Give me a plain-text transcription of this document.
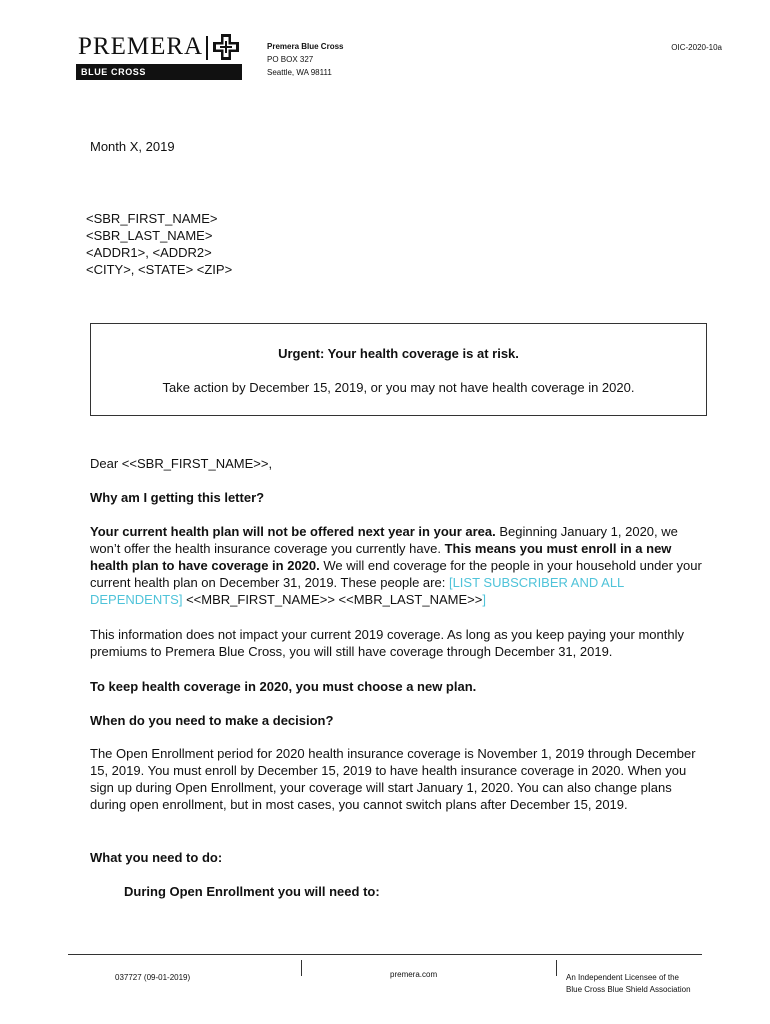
PREMERA
BLUE CROSS
Premera Blue Cross
PO BOX 327
Seattle, WA 98111
OIC-2020-10a
Month X, 2019
<SBR_FIRST_NAME>
<SBR_LAST_NAME>
<ADDR1>, <ADDR2>
<CITY>, <STATE> <ZIP>
Urgent: Your health coverage is at risk.
Take action by December 15, 2019, or you may not have health coverage in 2020.
Dear <<SBR_FIRST_NAME>>,
Why am I getting this letter?
Your current health plan will not be offered next year in your area. Beginning January 1, 2020, we won’t offer the health insurance coverage you currently have. This means you must enroll in a new health plan to have coverage in 2020. We will end coverage for the people in your household under your current health plan on December 31, 2019. These people are: [LIST SUBSCRIBER AND ALL DEPENDENTS] <<MBR_FIRST_NAME>> <<MBR_LAST_NAME>>]
This information does not impact your current 2019 coverage. As long as you keep paying your monthly premiums to Premera Blue Cross, you will still have coverage through December 31, 2019.
To keep health coverage in 2020, you must choose a new plan.
When do you need to make a decision?
The Open Enrollment period for 2020 health insurance coverage is November 1, 2019 through December 15, 2019. You must enroll by December 15, 2019 to have health insurance coverage in 2020. When you sign up during Open Enrollment, your coverage will start January 1, 2020. You can also change plans during open enrollment, but in most cases, you cannot switch plans after December 15, 2019.
What you need to do:
During Open Enrollment you will need to:
037727 (09-01-2019)	premera.com	An Independent Licensee of the
Blue Cross Blue Shield Association
